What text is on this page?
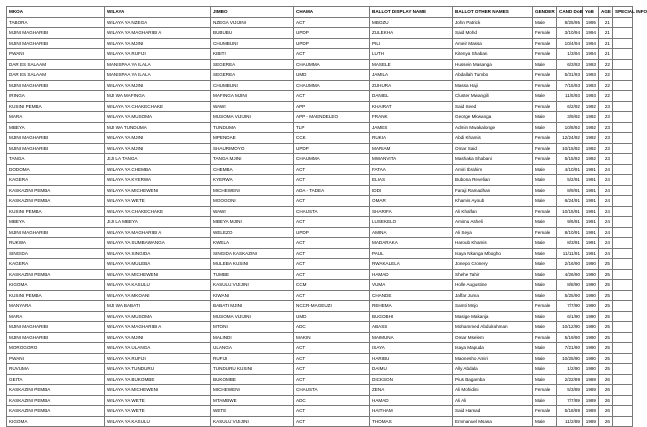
MKOA	WILAYA	JIMBO	CHAMA	BALLOT DISPLAY NAME	BALLOT OTHER NAMES	GENDER	CAND DoB	YoB	AGE	SPECIAL INFO
TABORA	WILAYA YA NZEGA	NZEGA VIJIJINI	ACT	MBOZU	John Patrick	Male	8/25/95	1995	21	
MJINI MAGHARIBI	WILAYA YA MAGHARIBI A	BUBUBU	UPDP	ZULEKHA	Said Mohd	Female	3/10/94	1994	21	
MJINI MAGHARIBI	WILAYA YA MJINI	CHUMBUNI	UPDP	PILI	Ameir Massa	Female	10/4/94	1994	21	
PWANI	WILAYA YA RUFIJI	KIBITI	ACT	LUTH	Kitenya Shaban	Female	1/3/94	1994	21	
DAR ES SALAAM	MANISPAA YA ILALA	SEGEREA	CHAUMMA	MASELE	Hussein Masanga	Male	6/3/93	1993	22	
DAR ES SALAAM	MANISPAA YA ILALA	SEGEREA	UMD	JAMILA	Abdallah Tumbo	Female	5/31/93	1993	22	
MJINI MAGHARIBI	WILAYA YA MJINI	CHUMBUNI	CHAUMMA	ZUHURA	Massa Haji	Female	7/15/93	1993	22	
IRINGA	MJI WA MAFINGA	MAFINGA MJINI	ACT	DANIEL	Cluster Mwangili	Male	11/5/93	1993	22	
KUSINI PEMBA	WILAYA YA CHAKECHAKE	WAWI	APP	KHAIRAT	Said Seed	Female	6/2/92	1992	23	
MARA	WILAYA YA MUSOMA	MUSOMA VIJIJINI	APP - MAENDELEO	FRANK	George Mkwanga	Male	3/9/92	1992	23	
MBEYA	MJI WA TUNDUMA	TUNDUMA	TLP	JAMES	Admin Mwakalonge	Male	10/8/92	1992	23	
MJINI MAGHARIBI	WILAYA YA MJINI	MPENDAE	CCK	RUKIA	Abdi Khamis	Female	12/24/92	1992	23	
MJINI MAGHARIBI	WILAYA YA MJINI	SHAURIMOYO	UPDP	MARIAM	Omar Said	Female	10/15/92	1992	23	
TANGA	JIJI LA TANGA	TANGA MJINI	CHAUMMA	MWANVITA	Mashaka Shabani	Female	5/15/92	1992	23	
DODOMA	WILAYA YA CHEMBA	CHEMBA	ACT	FATAA	Amiri Ibrahim	Male	4/10/91	1991	24	
KAGERA	WILAYA YA KYERWA	KYERWA	ACT	ELIAS	Bubona Revelian	Male	5/2/91	1991	24	
KASKAZINI PEMBA	WILAYA YA MICHEWENI	MICHEWENI	ADA - TADEA	IDDI	Faraji Ramadhan	Male	8/9/91	1991	24	
KASKAZINI PEMBA	WILAYA YA WETE	MGOGONI	ACT	OMAR	Khamis Ayoub	Male	6/24/91	1991	24	
KUSINI PEMBA	WILAYA YA CHAKECHAKE	WAWI	CHAUSTA	SHARIFA	Ali Khalfan	Female	10/15/91	1991	24	
MBEYA	JIJI LA MBEYA	MBEYA MJINI	ACT	LUSEKELO	Amimu Asheli	Male	9/6/91	1991	24	
MJINI MAGHARIBI	WILAYA YA MAGHARIBI A	WELEZO	UPDP	AMINA	Ali Seya	Female	8/10/91	1991	24	
RUKWA	WILAYA YA SUMBAWANGA	KWELA	ACT	MADARAKA	Haroub Khamis	Male	8/3/91	1991	24	
SINGIDA	WILAYA YA SINGIDA	SINGIDA KASKAZINI	ACT	PAUL	Isaya Nkanga Mbogho	Male	11/11/91	1991	24	
KAGERA	WILAYA YA MULEBA	MULEBA KUSINI	ACT	RWAKALELA	Jonepo Cronery	Male	2/16/90	1990	25	
KASKAZINI PEMBA	WILAYA YA MICHEWENI	TUMBE	ACT	HAMAD	Shehe Tahir	Male	4/26/90	1990	25	
KIGOMA	WILAYA YA KASULU	KASULU VIJIJINI	CCM	VUMA	Holle Augustine	Male	8/8/90	1990	25	
KUSINI PEMBA	WILAYA YA MKOANI	KIWANI	ACT	CHANDE	Jaffar Juma	Male	5/25/90	1990	25	
MANYARA	MJI WA BABATI	BABATI MJINI	NCCR-MAGEUZI	REHEMA	Samti Mnjo	Female	7/7/90	1990	25	
MARA	WILAYA YA MUSOMA	MUSOMA VIJIJINI	UMD	BUGOBHI	Masige Makanja	Male	6/1/90	1990	25	
MJINI MAGHARIBI	WILAYA YA MAGHARIBI A	MTONI	ADC	ABASS	Mohammed Abdulrahman	Male	10/12/90	1990	25	
MJINI MAGHARIBI	WILAYA YA MJINI	MALINDI	MAKIN	MAIMUNA	Omar Mselem	Female	5/19/90	1990	25	
MOROGORO	WILAYA YA ULANGA	ULANGA	ACT	ISAYA	Isaya Mapuda	Male	7/21/90	1990	25	
PWANI	WILAYA YA RUFIJI	RUFIJI	ACT	HARIBU	Maonesho Amiri	Male	10/25/90	1990	25	
RUVUMA	WILAYA YA TUNDURU	TUNDURU KUSINI	ACT	DAIMU	Ally Abdala	Male	1/2/90	1990	25	
GEITA	WILAYA YA BUKOMBE	BUKOMBE	ACT	DICKSON	Pius Bagamba	Male	2/22/89	1989	26	
KASKAZINI PEMBA	WILAYA YA MICHEWENI	MICHEWENI	CHAUSTA	ZENA	Ali Mohidini	Female	5/3/89	1989	26	
KASKAZINI PEMBA	WILAYA YA WETE	MTAMBWE	ADC	HAMAD	Ali Ali	Male	7/7/89	1989	26	
KASKAZINI PEMBA	WILAYA YA WETE	WETE	ACT	HAITHAM	Said Hamad	Female	5/18/89	1989	26	
KIGOMA	WILAYA YA KASULU	KASULU VIJIJINI	ACT	THOMAS	Emmanuel Msasa	Male	11/2/89	1989	26	
